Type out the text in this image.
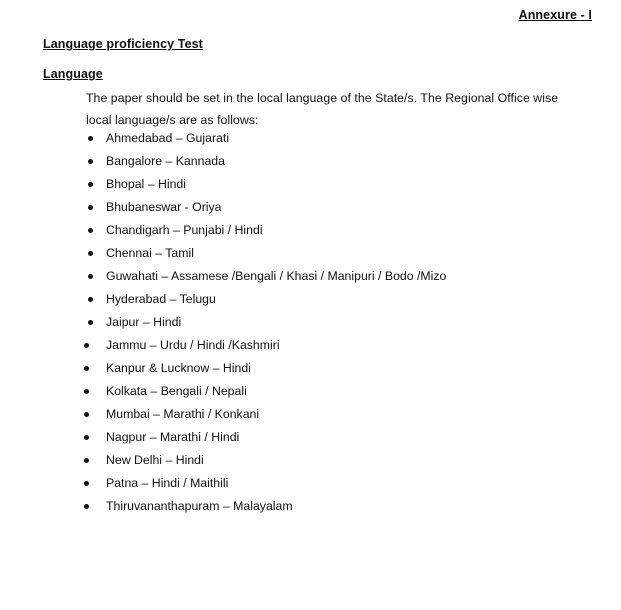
Annexure - I
Language proficiency Test
Language
The paper should be set in the local language of the State/s. The Regional Office wise
local language/s are as follows:
Ahmedabad – Gujarati
Bangalore – Kannada
Bhopal – Hindi
Bhubaneswar - Oriya
Chandigarh – Punjabi / Hindi
Chennai – Tamil
Guwahati – Assamese /Bengali / Khasi / Manipuri / Bodo /Mizo
Hyderabad – Telugu
Jaipur – Hindi
Jammu – Urdu / Hindi /Kashmiri
Kanpur & Lucknow – Hindi
Kolkata – Bengali / Nepali
Mumbai – Marathi / Konkani
Nagpur – Marathi / Hindi
New Delhi – Hindi
Patna – Hindi / Maithili
Thiruvananthapuram – Malayalam
